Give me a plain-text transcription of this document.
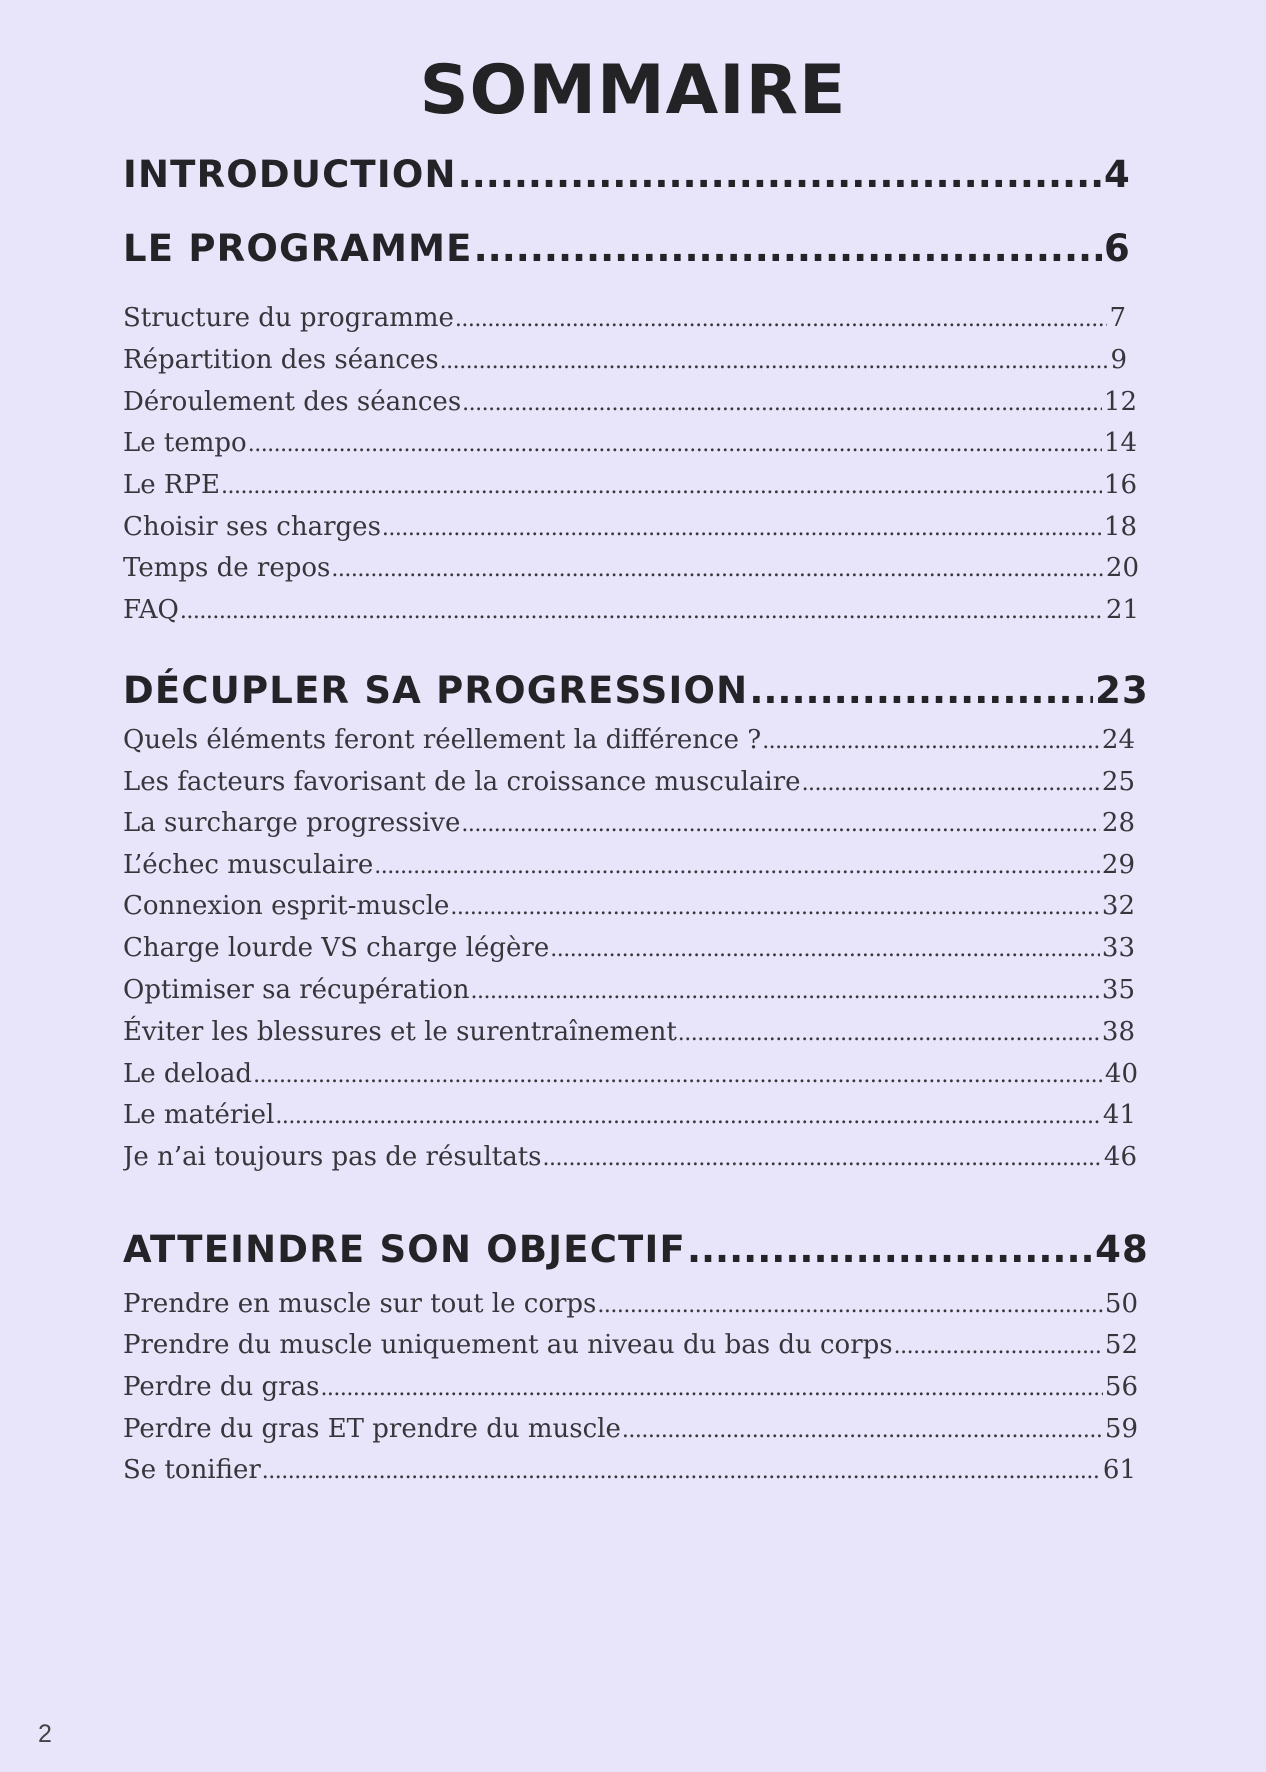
SOMMAIRE
INTRODUCTION .....	4
LE PROGRAMME .....	6
Structure du programme .....	7
Répartition des séances .....	9
Déroulement des séances .....	12
Le tempo .....	14
Le RPE .....	16
Choisir ses charges .....	18
Temps de repos .....	20
FAQ .....	21
DÉCUPLER SA PROGRESSION .....	23
Quels éléments feront réellement la différence ? .....	24
Les facteurs favorisant de la croissance musculaire .....	25
La surcharge progressive .....	28
L’échec musculaire .....	29
Connexion esprit-muscle .....	32
Charge lourde VS charge légère .....	33
Optimiser sa récupération .....	35
Éviter les blessures et le surentraînement .....	38
Le deload .....	40
Le matériel .....	41
Je n’ai toujours pas de résultats .....	46
ATTEINDRE SON OBJECTIF .....	48
Prendre en muscle sur tout le corps .....	50
Prendre du muscle uniquement au niveau du bas du corps .....	52
Perdre du gras .....	56
Perdre du gras ET prendre du muscle .....	59
Se tonifier .....	61
2
